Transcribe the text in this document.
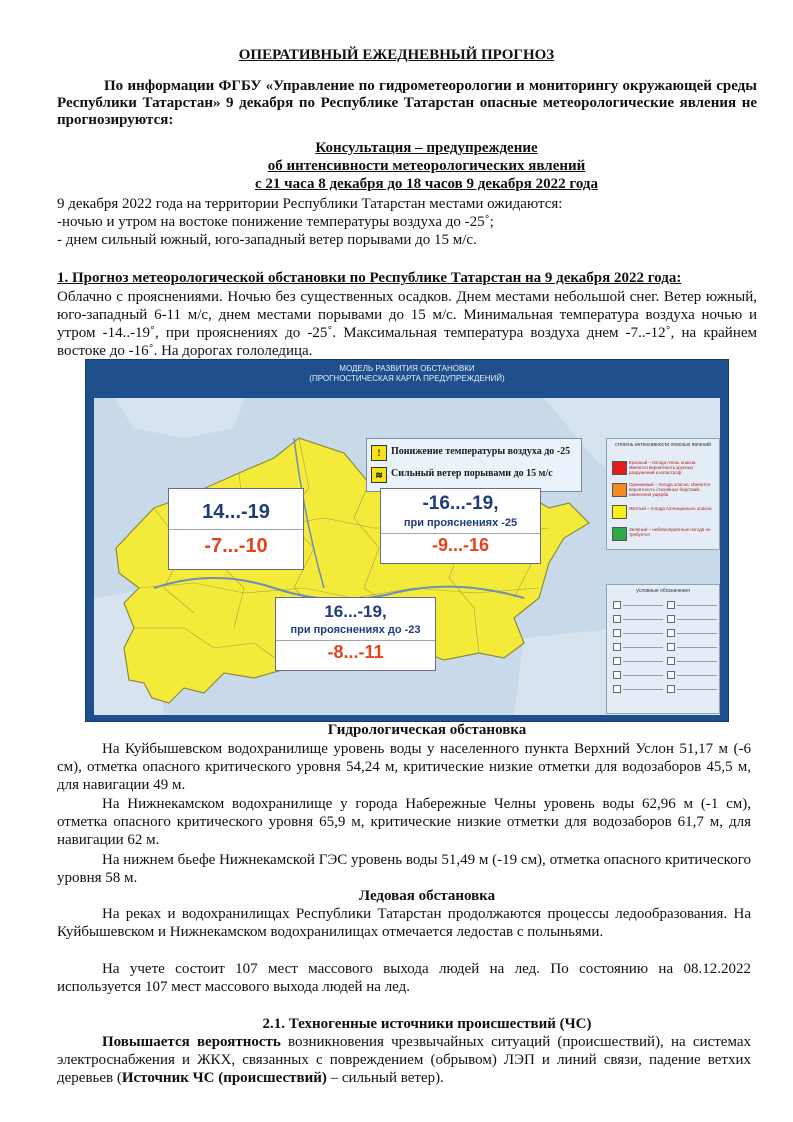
ОПЕРАТИВНЫЙ ЕЖЕДНЕВНЫЙ ПРОГНОЗ
По информации ФГБУ «Управление по гидрометеорологии и мониторингу окружающей среды Республики Татарстан» 9 декабря по Республике Татарстан опасные метеорологические явления не прогнозируются:
Консультация – предупреждение
об интенсивности метеорологических явлений
с 21 часа 8 декабря до 18 часов 9 декабря 2022 года
9 декабря 2022 года на территории Республики Татарстан местами ожидаются:
-ночью и утром на востоке понижение температуры воздуха до -25˚;
- днем сильный южный, юго-западный ветер порывами до 15 м/с.
1. Прогноз метеорологической обстановки по Республике Татарстан на 9 декабря 2022 года:
Облачно с прояснениями. Ночью без существенных осадков. Днем местами небольшой снег. Ветер южный, юго-западный 6-11 м/с, днем местами порывами до 15 м/с. Минимальная температура воздуха ночью и утром -14..-19˚, при прояснениях до -25˚. Максимальная температура воздуха днем -7..-12˚, на крайнем востоке до -16˚. На дорогах гололедица.
МОДЕЛЬ РАЗВИТИЯ ОБСТАНОВКИ
(ПРОГНОСТИЧЕСКАЯ КАРТА ПРЕДУПРЕЖДЕНИЙ)
!	Понижение температуры воздуха до -25
≋ Сильный ветер порывами до 15 м/с
степень интенсивности опасных явлений
Красный – погода очень опасна. Имеются вероятность крупных разрушений и катастроф
Оранжевый – погода опасна. Имеются вероятность стихийных бедствий, нанесения ущерба
Желтый – погода потенциально опасна
Зеленый – неблагоприятные погода не требуется
условные обозначения
14...-19
-7...-10
-16...-19,
при прояснениях -25
-9...-16
16...-19,
при прояснениях до -23
-8...-11
Гидрологическая обстановка
На Куйбышевском водохранилище уровень воды у населенного пункта Верхний Услон 51,17 м (-6 см), отметка опасного критического уровня 54,24 м, критические низкие отметки для водозаборов 45,5 м, для навигации 49 м.
На Нижнекамском водохранилище у города Набережные Челны уровень воды 62,96 м (-1 см), отметка опасного критического уровня 65,9 м, критические низкие отметки для водозаборов 61,7 м, для навигации 62 м.
На нижнем бьефе Нижнекамской ГЭС уровень воды 51,49 м (-19 см), отметка опасного критического уровня 58 м.
Ледовая обстановка
На реках и водохранилищах Республики Татарстан продолжаются процессы ледообразования. На Куйбышевском и Нижнекамском водохранилищах отмечается ледостав с полыньями.
На учете состоит 107 мест массового выхода людей на лед. По состоянию на 08.12.2022 используется 107 мест массового выхода людей на лед.
2.1. Техногенные источники происшествий (ЧС)
Повышается вероятность возникновения чрезвычайных ситуаций (происшествий), на системах электроснабжения и ЖКХ, связанных с повреждением (обрывом) ЛЭП и линий связи, падение ветхих деревьев (Источник ЧС (происшествий) – сильный ветер).
